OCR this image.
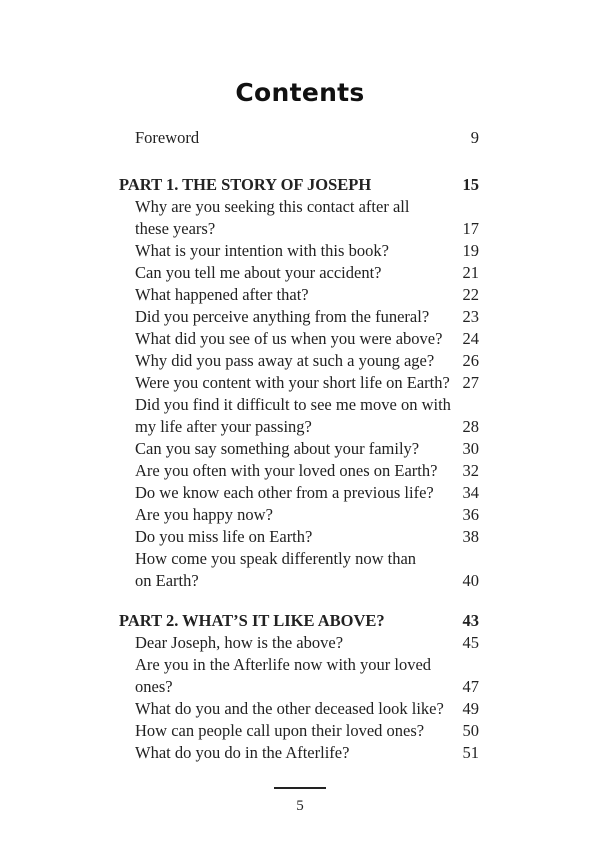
Contents
Foreword	9
PART 1. THE STORY OF JOSEPH	15
Why are you seeking this contact after all
these years?	17
What is your intention with this book?	19
Can you tell me about your accident?	21
What happened after that?	22
Did you perceive anything from the funeral? 23
What did you see of us when you were above? 24
Why did you pass away at such a young age? 26
Were you content with your short life on Earth? 27
Did you find it difficult to see me move on with
my life after your passing?	28
Can you say something about your family?	30
Are you often with your loved ones on Earth? 32
Do we know each other from a previous life? 34
Are you happy now?	36
Do you miss life on Earth?	38
How come you speak differently now than
on Earth?	40
PART 2. WHAT’S IT LIKE ABOVE?	43
Dear Joseph, how is the above?	45
Are you in the Afterlife now with your loved
ones?	47
What do you and the other deceased look like? 49
How can people call upon their loved ones? 50
What do you do in the Afterlife?	51
5
